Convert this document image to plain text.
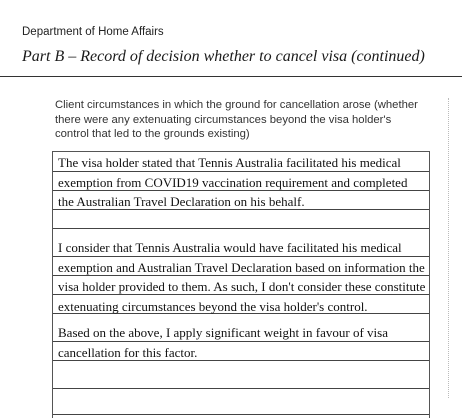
Department of Home Affairs
Part B – Record of decision whether to cancel visa (continued)
Client circumstances in which the ground for cancellation arose (whether there were any extenuating circumstances beyond the visa holder's control that led to the grounds existing)
The visa holder stated that Tennis Australia facilitated his medical exemption from COVID19 vaccination requirement and completed the Australian Travel Declaration on his behalf.
I consider that Tennis Australia would have facilitated his medical exemption and Australian Travel Declaration based on information the visa holder provided to them. As such, I don't consider these constitute extenuating circumstances beyond the visa holder's control.
Based on the above, I apply significant weight in favour of visa cancellation for this factor.
